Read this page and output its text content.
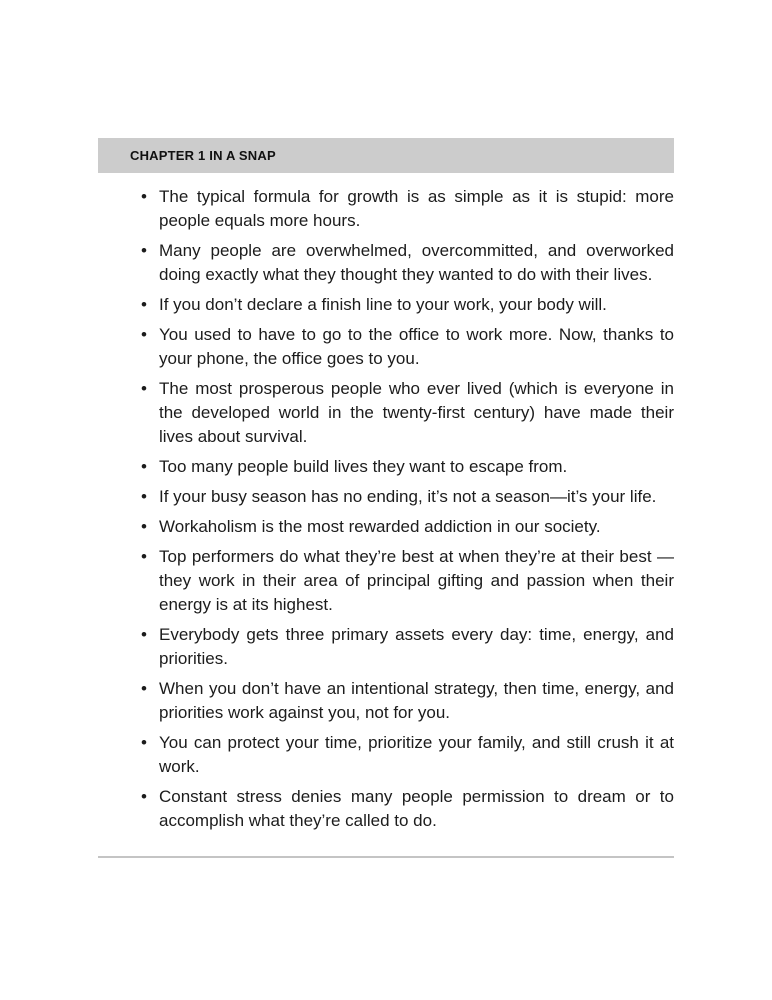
CHAPTER 1 IN A SNAP
• The typical formula for growth is as simple as it is stupid: more people equals more hours.
• Many people are overwhelmed, overcommitted, and overworked doing exactly what they thought they wanted to do with their lives.
• If you don’t declare a finish line to your work, your body will.
• You used to have to go to the office to work more. Now, thanks to your phone, the office goes to you.
• The most prosperous people who ever lived (which is everyone in the developed world in the twenty-first century) have made their lives about survival.
• Too many people build lives they want to escape from.
• If your busy season has no ending, it’s not a season—it’s your life.
• Workaholism is the most rewarded addiction in our society.
• Top performers do what they’re best at when they’re at their best —they work in their area of principal gifting and passion when their energy is at its highest.
• Everybody gets three primary assets every day: time, energy, and priorities.
• When you don’t have an intentional strategy, then time, energy, and priorities work against you, not for you.
• You can protect your time, prioritize your family, and still crush it at work.
• Constant stress denies many people permission to dream or to accomplish what they’re called to do.
